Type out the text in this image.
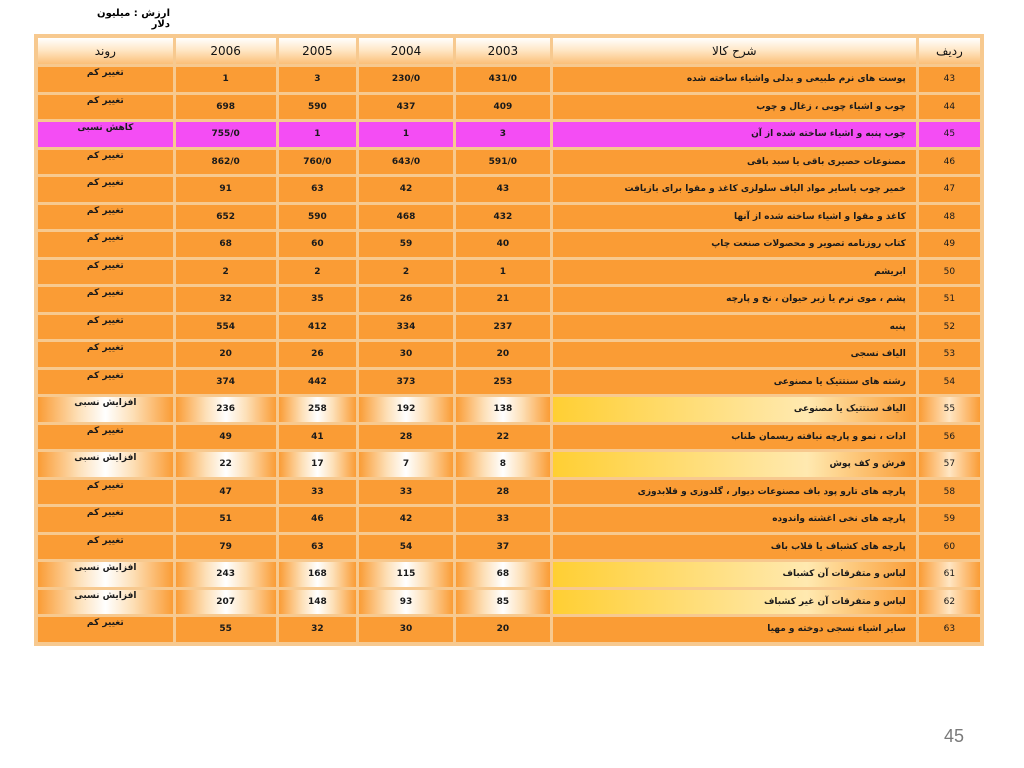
ارزش : میلیون دلار
ردیف	شرح کالا	2003	2004	2005	2006	روند
43	پوست های نرم طبیعی و بدلی واشیاء ساخته شده	431/0	230/0	3	1	تغییر کم
44	چوب و اشیاء چوبی ، زغال و چوب	409	437	590	698	تغییر کم
45	چوب پنبه و اشیاء ساخته شده از آن	3	1	1	755/0	کاهش نسبی
46	مصنوعات حصیری باقی یا سبد باقی	591/0	643/0	760/0	862/0	تغییر کم
47	خمیر چوب یاسایر مواد الیاف سلولزی کاغذ و مقوا برای بازیافت	43	42	63	91	تغییر کم
48	کاغذ و مقوا و اشیاء ساخته شده از آنها	432	468	590	652	تغییر کم
49	کتاب روزنامه تصویر و محصولات صنعت چاپ	40	59	60	68	تغییر کم
50	ابریشم	1	2	2	2	تغییر کم
51	پشم ، موی نرم یا زبر حیوان ، نخ و پارچه	21	26	35	32	تغییر کم
52	پنبه	237	334	412	554	تغییر کم
53	الیاف نسجی	20	30	26	20	تغییر کم
54	رشته های سنتتیک یا مصنوعی	253	373	442	374	تغییر کم
55	الیاف سنتتیک یا مصنوعی	138	192	258	236	افزایش نسبی
56	ادات ، نمو و پارچه نبافته ریسمان طناب	22	28	41	49	تغییر کم
57	فرش و کف پوش	8	7	17	22	افزایش نسبی
58	پارچه های تارو پود باف مصنوعات دیوار ، گلدوزی و قلابدوزی	28	33	33	47	تغییر کم
59	پارچه های نخی اغشته واندوده	33	42	46	51	تغییر کم
60	پارچه های کشباف یا قلاب باف	37	54	63	79	تغییر کم
61	لباس و متفرقات آن کشباف	68	115	168	243	افزایش نسبی
62	لباس و متفرقات آن غیر کشباف	85	93	148	207	افزایش نسبی
63	سایر اشیاء نسجی دوخته و مهیا	20	30	32	55	تغییر کم
45
